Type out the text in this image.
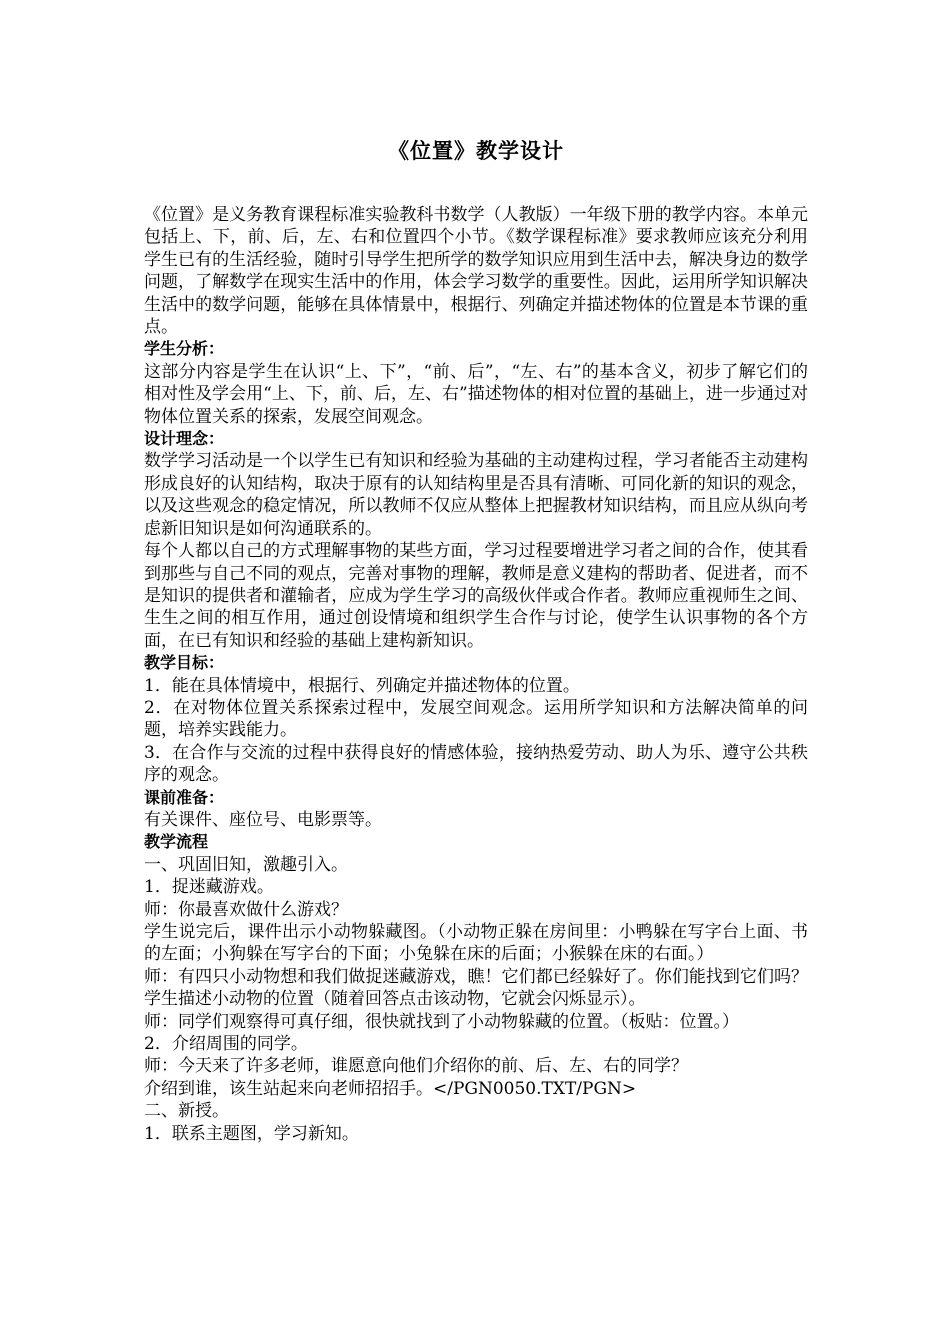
《位置》教学设计

《位置》是义务教育课程标准实验教科书数学（人教版）一年级下册的教学内容。本单元包括上、下，前、后，左、右和位置四个小节。《数学课程标准》要求教师应该充分利用学生已有的生活经验，随时引导学生把所学的数学知识应用到生活中去，解决身边的数学问题，了解数学在现实生活中的作用，体会学习数学的重要性。因此，运用所学知识解决生活中的数学问题，能够在具体情景中，根据行、列确定并描述物体的位置是本节课的重点。

学生分析：

这部分内容是学生在认识“上、下”，“前、后”，“左、右”的基本含义，初步了解它们的相对性及学会用“上、下，前、后，左、右”描述物体的相对位置的基础上，进一步通过对物体位置关系的探索，发展空间观念。

设计理念：

数学学习活动是一个以学生已有知识和经验为基础的主动建构过程，学习者能否主动建构形成良好的认知结构，取决于原有的认知结构里是否具有清晰、可同化新的知识的观念，以及这些观念的稳定情况，所以教师不仅应从整体上把握教材知识结构，而且应从纵向考虑新旧知识是如何沟通联系的。

每个人都以自己的方式理解事物的某些方面，学习过程要增进学习者之间的合作，使其看到那些与自己不同的观点，完善对事物的理解，教师是意义建构的帮助者、促进者，而不是知识的提供者和灌输者，应成为学生学习的高级伙伴或合作者。教师应重视师生之间、生生之间的相互作用，通过创设情境和组织学生合作与讨论，使学生认识事物的各个方面，在已有知识和经验的基础上建构新知识。

教学目标：

1．能在具体情境中，根据行、列确定并描述物体的位置。

2．在对物体位置关系探索过程中，发展空间观念。运用所学知识和方法解决简单的问题，培养实践能力。

3．在合作与交流的过程中获得良好的情感体验，接纳热爱劳动、助人为乐、遵守公共秩序的观念。

课前准备：

有关课件、座位号、电影票等。

教学流程

一、巩固旧知，激趣引入。

1．捉迷藏游戏。

师：你最喜欢做什么游戏？

学生说完后，课件出示小动物躲藏图。（小动物正躲在房间里：小鸭躲在写字台上面、书的左面；小狗躲在写字台的下面；小兔躲在床的后面；小猴躲在床的右面。）

师：有四只小动物想和我们做捉迷藏游戏，瞧！它们都已经躲好了。你们能找到它们吗？学生描述小动物的位置（随着回答点击该动物，它就会闪烁显示）。

师：同学们观察得可真仔细，很快就找到了小动物躲藏的位置。（板贴：位置。）

2．介绍周围的同学。

师：今天来了许多老师，谁愿意向他们介绍你的前、后、左、右的同学？

介绍到谁，该生站起来向老师招招手。</PGN0050.TXT/PGN>

二、新授。

1．联系主题图，学习新知。
